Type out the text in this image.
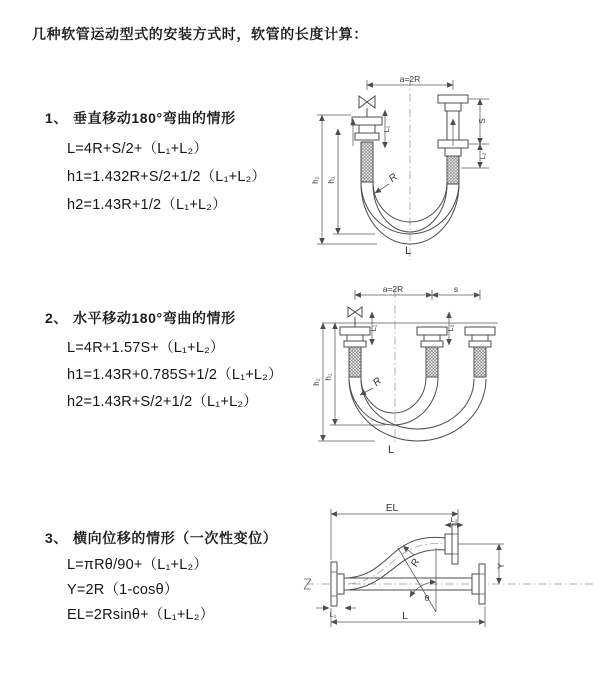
几种软管运动型式的安装方式时，软管的长度计算：
1、 垂直移动180°弯曲的情形
L=4R+S/2+（L₁+L₂）
h1=1.432R+S/2+1/2（L₁+L₂）
h2=1.43R+1/2（L₁+L₂）
2、 水平移动180°弯曲的情形
L=4R+1.57S+（L₁+L₂）
h1=1.43R+0.785S+1/2（L₁+L₂）
h2=1.43R+S/2+1/2（L₁+L₂）
3、 横向位移的情形（一次性变位）
L=πRθ/90+（L₁+L₂）
Y=2R（1-cosθ）
EL=2Rsinθ+（L₁+L₂）
a=2R
S
L₂
L₁
h₂ h₁	R
L
a=2R	s
L₁	L₂
h₂
h₁	R
L
θ
EL
L₂
Y
R
L
L₁
